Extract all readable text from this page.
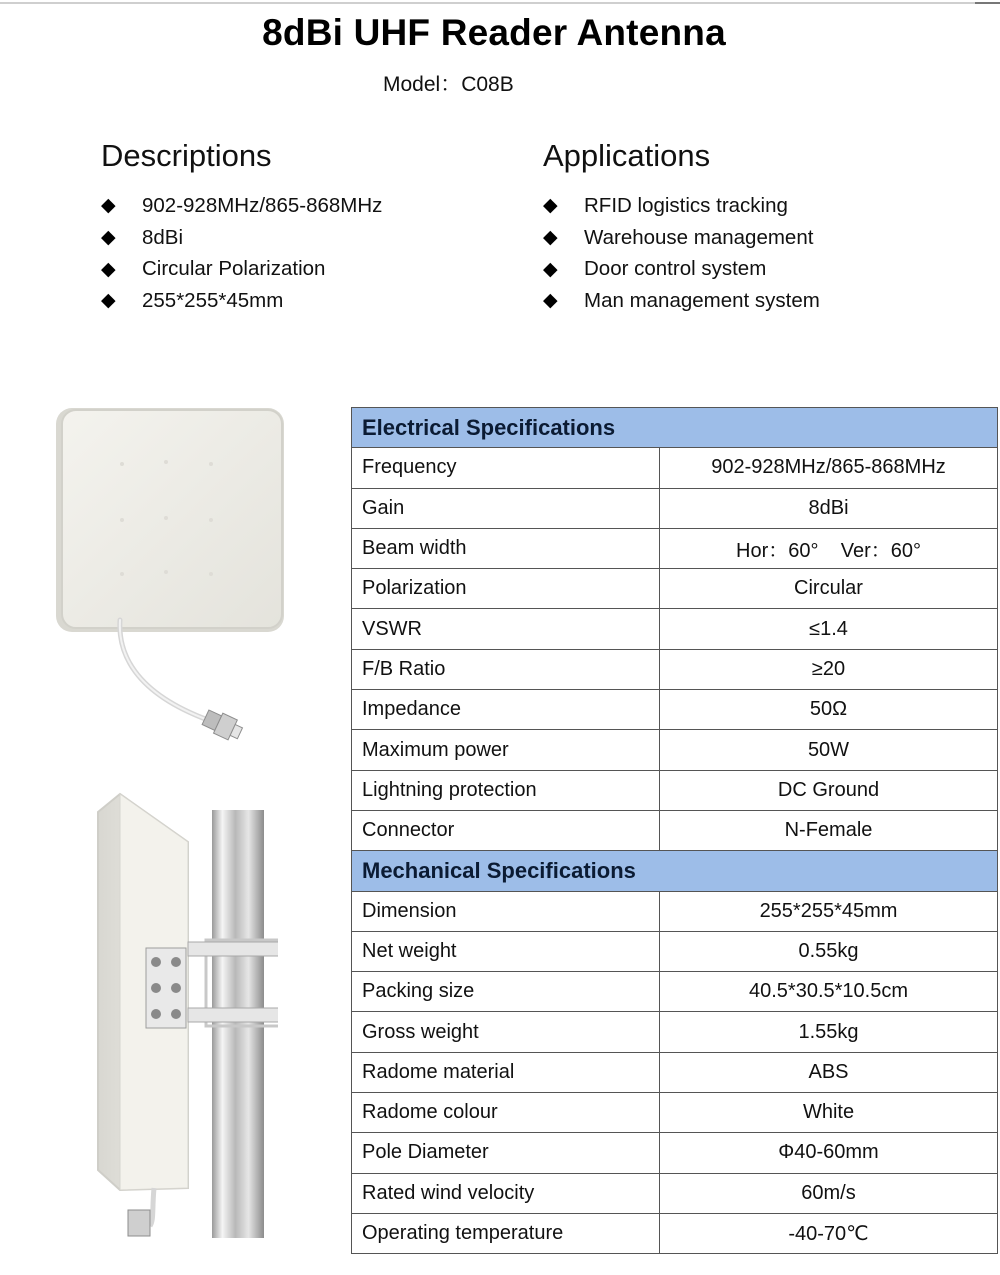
8dBi UHF Reader Antenna
Model：C08B
Descriptions
◆	902-928MHz/865-868MHz
◆	8dBi
◆	Circular Polarization
◆	255*255*45mm
Applications
◆	RFID logistics tracking
◆	Warehouse management
◆	Door control system
◆	Man management system
Electrical Specifications	
Frequency	902-928MHz/865-868MHz
Gain	8dBi
Beam width	Hor：60°    Ver：60°
Polarization	Circular
VSWR	≤1.4
F/B Ratio	≥20
Impedance	50Ω
Maximum power	50W
Lightning protection	DC Ground
Connector	N-Female
Mechanical Specifications	
Dimension	255*255*45mm
Net weight	0.55kg
Packing size	40.5*30.5*10.5cm
Gross weight	1.55kg
Radome material	ABS
Radome colour	White
Pole Diameter	Φ40-60mm
Rated wind velocity	60m/s
Operating temperature	-40-70℃
